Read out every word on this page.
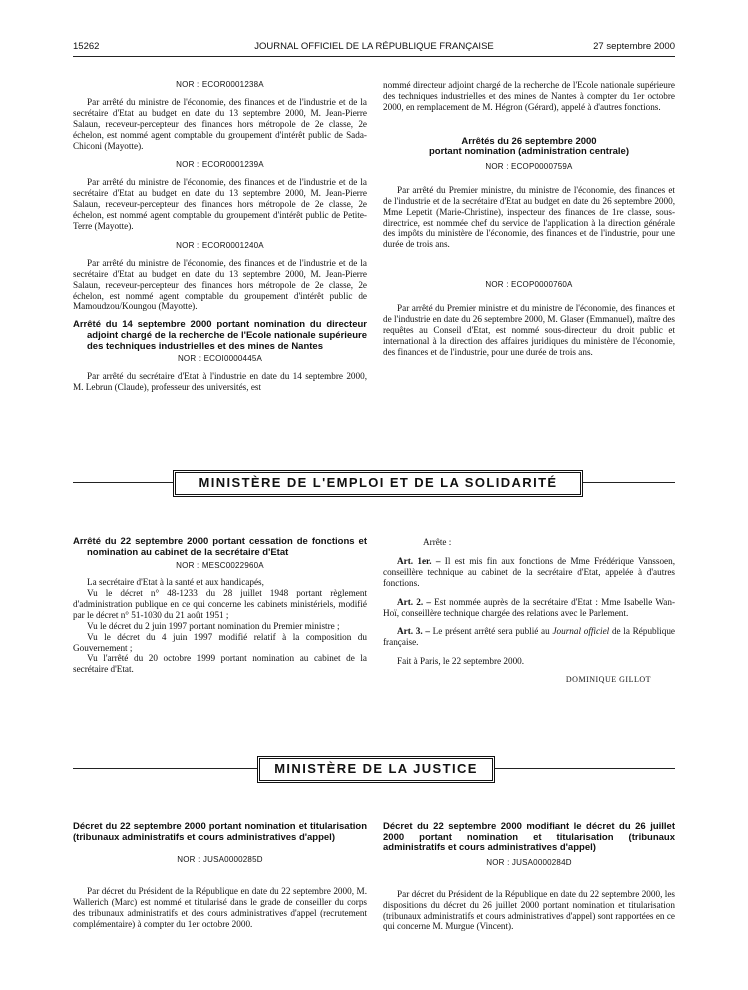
15262	JOURNAL OFFICIEL DE LA RÉPUBLIQUE FRANÇAISE	27 septembre 2000

NOR : ECOR0001238A

Par arrêté du ministre de l'économie, des finances et de l'industrie et de la secrétaire d'Etat au budget en date du 13 septembre 2000, M. Jean-Pierre Salaun, receveur-percepteur des finances hors métropole de 2e classe, 2e échelon, est nommé agent comptable du groupement d'intérêt public de Sada-Chiconi (Mayotte).

NOR : ECOR0001239A

Par arrêté du ministre de l'économie, des finances et de l'industrie et de la secrétaire d'Etat au budget en date du 13 septembre 2000, M. Jean-Pierre Salaun, receveur-percepteur des finances hors métropole de 2e classe, 2e échelon, est nommé agent comptable du groupement d'intérêt public de Petite-Terre (Mayotte).

NOR : ECOR0001240A

Par arrêté du ministre de l'économie, des finances et de l'industrie et de la secrétaire d'Etat au budget en date du 13 septembre 2000, M. Jean-Pierre Salaun, receveur-percepteur des finances hors métropole de 2e classe, 2e échelon, est nommé agent comptable du groupement d'intérêt public de Mamoudzou/Koungou (Mayotte).

Arrêté du 14 septembre 2000 portant nomination du directeur adjoint chargé de la recherche de l'Ecole nationale supérieure des techniques industrielles et des mines de Nantes

NOR : ECOI0000445A

Par arrêté du secrétaire d'Etat à l'industrie en date du 14 septembre 2000, M. Lebrun (Claude), professeur des universités, est

nommé directeur adjoint chargé de la recherche de l'Ecole nationale supérieure des techniques industrielles et des mines de Nantes à compter du 1er octobre 2000, en remplacement de M. Hégron (Gérard), appelé à d'autres fonctions.

Arrêtés du 26 septembre 2000

portant nomination (administration centrale)

NOR : ECOP0000759A

Par arrêté du Premier ministre, du ministre de l'économie, des finances et de l'industrie et de la secrétaire d'Etat au budget en date du 26 septembre 2000, Mme Lepetit (Marie-Christine), inspecteur des finances de 1re classe, sous-directrice, est nommée chef du service de l'application à la direction générale des impôts du ministère de l'économie, des finances et de l'industrie, pour une durée de trois ans.

NOR : ECOP0000760A

Par arrêté du Premier ministre et du ministre de l'économie, des finances et de l'industrie en date du 26 septembre 2000, M. Glaser (Emmanuel), maître des requêtes au Conseil d'Etat, est nommé sous-directeur du droit public et international à la direction des affaires juridiques du ministère de l'économie, des finances et de l'industrie, pour une durée de trois ans.

MINISTÈRE DE L'EMPLOI ET DE LA SOLIDARITÉ

Arrêté du 22 septembre 2000 portant cessation de fonctions et nomination au cabinet de la secrétaire d'Etat

NOR : MESC0022960A

La secrétaire d'Etat à la santé et aux handicapés,

Vu le décret n° 48-1233 du 28 juillet 1948 portant règlement d'administration publique en ce qui concerne les cabinets ministériels, modifié par le décret n° 51-1030 du 21 août 1951 ;

Vu le décret du 2 juin 1997 portant nomination du Premier ministre ;

Vu le décret du 4 juin 1997 modifié relatif à la composition du Gouvernement ;

Vu l'arrêté du 20 octobre 1999 portant nomination au cabinet de la secrétaire d'Etat.

Arrête :

Art. 1er. – Il est mis fin aux fonctions de Mme Frédérique Vanssoen, conseillère technique au cabinet de la secrétaire d'Etat, appelée à d'autres fonctions.

Art. 2. – Est nommée auprès de la secrétaire d'Etat : Mme Isabelle Wan-Hoï, conseillère technique chargée des relations avec le Parlement.

Art. 3. – Le présent arrêté sera publié au Journal officiel de la République française.

Fait à Paris, le 22 septembre 2000.

DOMINIQUE GILLOT

MINISTÈRE DE LA JUSTICE

Décret du 22 septembre 2000 portant nomination et titularisation (tribunaux administratifs et cours administratives d'appel)

NOR : JUSA0000285D

Par décret du Président de la République en date du 22 septembre 2000, M. Wallerich (Marc) est nommé et titularisé dans le grade de conseiller du corps des tribunaux administratifs et des cours administratives d'appel (recrutement complémentaire) à compter du 1er octobre 2000.

Décret du 22 septembre 2000 modifiant le décret du 26 juillet 2000 portant nomination et titularisation (tribunaux administratifs et cours administratives d'appel)

NOR : JUSA0000284D

Par décret du Président de la République en date du 22 septembre 2000, les dispositions du décret du 26 juillet 2000 portant nomination et titularisation (tribunaux administratifs et cours administratives d'appel) sont rapportées en ce qui concerne M. Murgue (Vincent).
